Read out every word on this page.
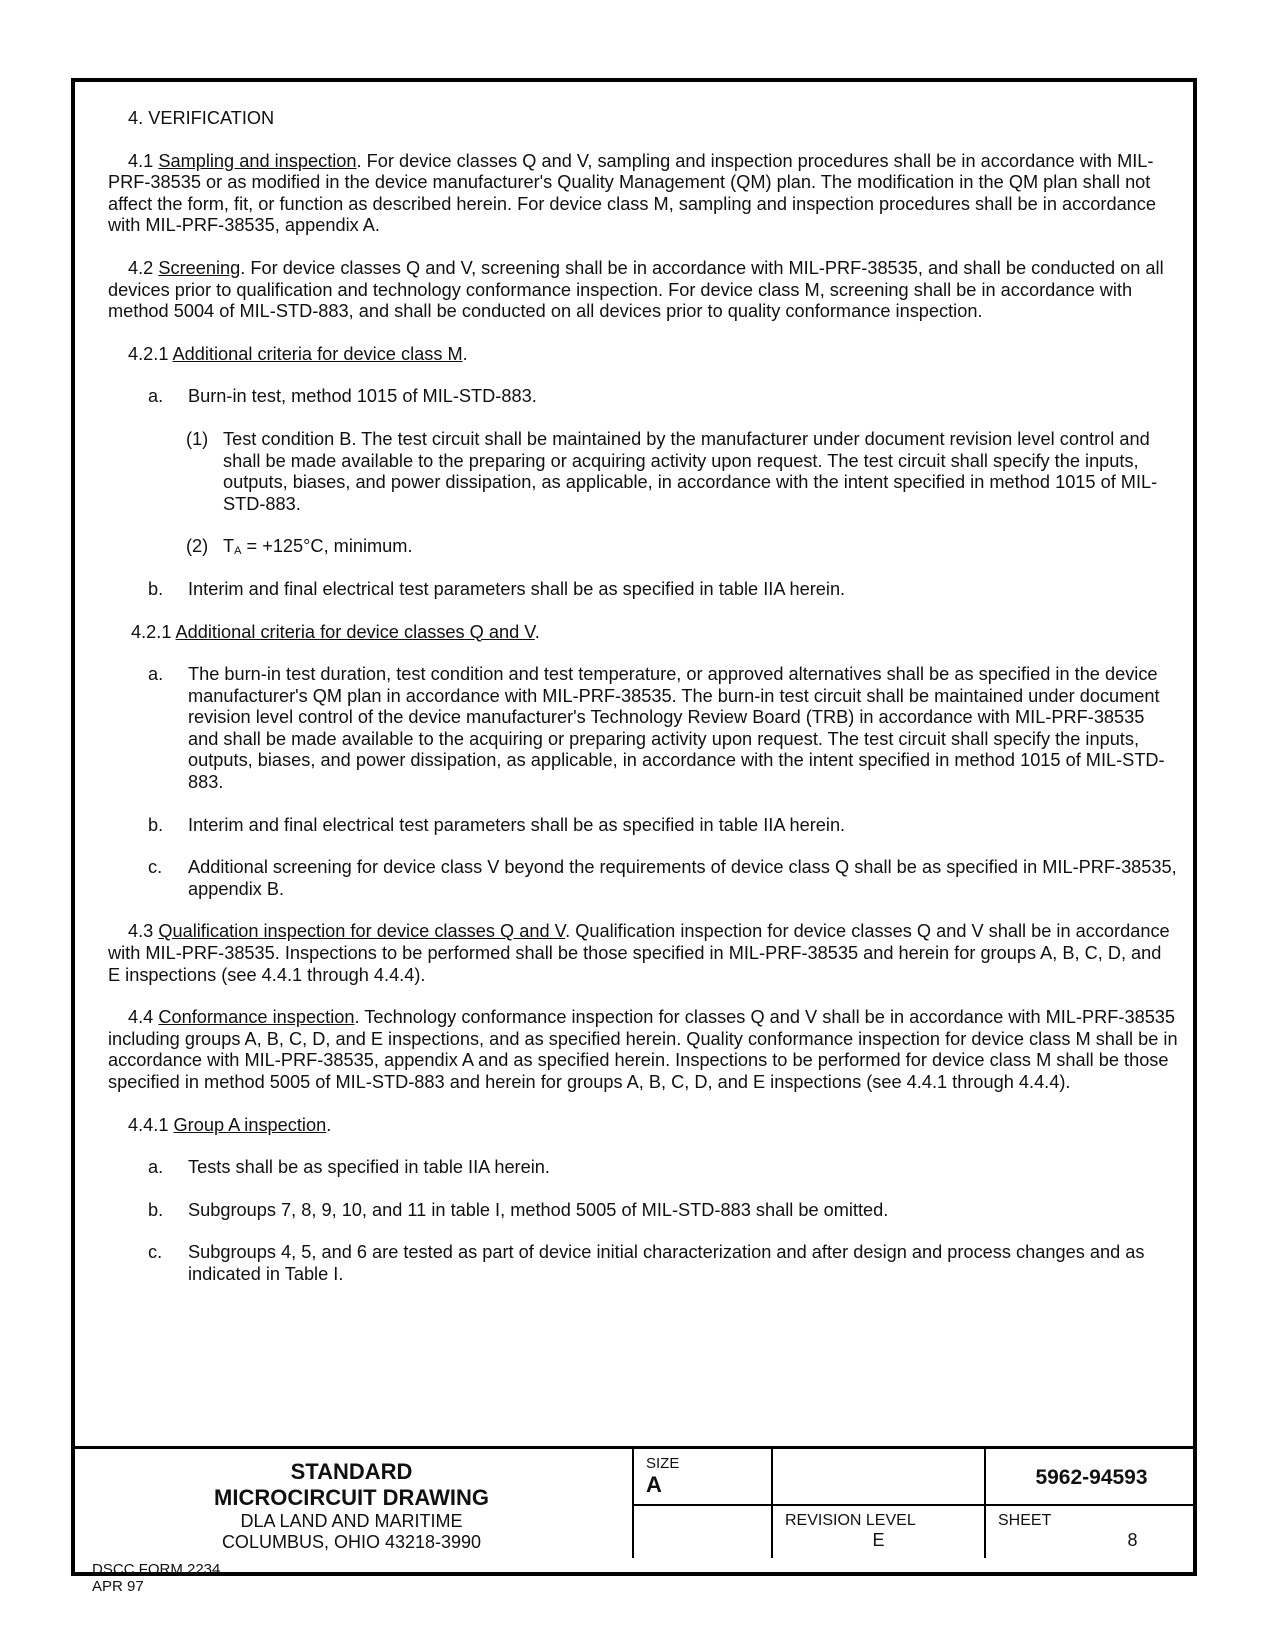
4. VERIFICATION

4.1 Sampling and inspection. For device classes Q and V, sampling and inspection procedures shall be in accordance with MIL-PRF-38535 or as modified in the device manufacturer's Quality Management (QM) plan. The modification in the QM plan shall not affect the form, fit, or function as described herein. For device class M, sampling and inspection procedures shall be in accordance with MIL-PRF-38535, appendix A.

4.2 Screening. For device classes Q and V, screening shall be in accordance with MIL-PRF-38535, and shall be conducted on all devices prior to qualification and technology conformance inspection. For device class M, screening shall be in accordance with method 5004 of MIL-STD-883, and shall be conducted on all devices prior to quality conformance inspection.

4.2.1 Additional criteria for device class M.

a.	Burn-in test, method 1015 of MIL-STD-883.
(1) Test condition B. The test circuit shall be maintained by the manufacturer under document revision level control and shall be made available to the preparing or acquiring activity upon request. The test circuit shall specify the inputs, outputs, biases, and power dissipation, as applicable, in accordance with the intent specified in method 1015 of MIL-STD-883.
(2) $T_A = +125^\circ C$, minimum.
b.	Interim and final electrical test parameters shall be as specified in table IIA herein.

4.2.1 Additional criteria for device classes Q and V.

a.	The burn-in test duration, test condition and test temperature, or approved alternatives shall be as specified in the device manufacturer's QM plan in accordance with MIL-PRF-38535. The burn-in test circuit shall be maintained under document revision level control of the device manufacturer's Technology Review Board (TRB) in accordance with MIL-PRF-38535 and shall be made available to the acquiring or preparing activity upon request. The test circuit shall specify the inputs, outputs, biases, and power dissipation, as applicable, in accordance with the intent specified in method 1015 of MIL-STD-883.
b.	Interim and final electrical test parameters shall be as specified in table IIA herein.
c.	Additional screening for device class V beyond the requirements of device class Q shall be as specified in MIL-PRF-38535, appendix B.

4.3 Qualification inspection for device classes Q and V. Qualification inspection for device classes Q and V shall be in accordance with MIL-PRF-38535. Inspections to be performed shall be those specified in MIL-PRF-38535 and herein for groups A, B, C, D, and E inspections (see 4.4.1 through 4.4.4).

4.4 Conformance inspection. Technology conformance inspection for classes Q and V shall be in accordance with MIL-PRF-38535 including groups A, B, C, D, and E inspections, and as specified herein. Quality conformance inspection for device class M shall be in accordance with MIL-PRF-38535, appendix A and as specified herein. Inspections to be performed for device class M shall be those specified in method 5005 of MIL-STD-883 and herein for groups A, B, C, D, and E inspections (see 4.4.1 through 4.4.4).

4.4.1 Group A inspection.

a.	Tests shall be as specified in table IIA herein.
b.	Subgroups 7, 8, 9, 10, and 11 in table I, method 5005 of MIL-STD-883 shall be omitted.
c.	Subgroups 4, 5, and 6 are tested as part of device initial characterization and after design and process changes and as indicated in Table I.
STANDARD
MICROCIRCUIT DRAWING
DLA LAND AND MARITIME
COLUMBUS, OHIO 43218-3990
SIZE
A	5962-94593
REVISION LEVEL
E
SHEET
8
DSCC FORM 2234
APR 97
